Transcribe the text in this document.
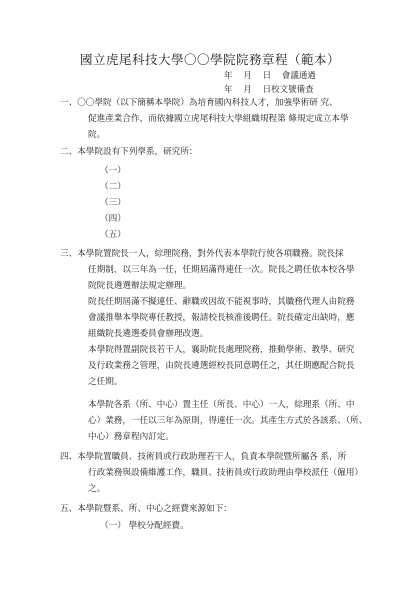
國立虎尾科技大學〇〇學院院務章程（範本）
年    月    日    會議通過
年    月    日校文號備查
一、〇〇學院（以下簡稱本學院）為培育國內科技人才，加強學術研 究、
促進產業合作，而依據國立虎尾科技大學組織規程第 條規定成立本學
院。
二、本學院設有下列學系，研究所：
（一）
（二）
（三）
（四）
（五）
三、本學院置院長一人，綜理院務，對外代表本學院行使各項職務。院長採
任期制，以三年為一任，任期屆滿得連任一次。院長之聘任依本校各學
院院長遴選辦法規定辦理。
院長任期屆滿不擬連任、辭職或因故不能視事時，其職務代理人由院務
會議推舉本學院專任教授，報請校長核准後聘任。院長確定出缺時，應
組織院長遴選委員會辦理改選。
本學院得置副院長若干人，襄助院長處理院務，推動學術、教學、研究
及行政業務之管理，由院長遴選經校長同意聘任之，其任期應配合院長
之任期。
本學院各系（所、中心）置主任（所長、中心）一人，綜理系（所、中
心）業務，一任以三年為原則，得連任一次。其產生方式於各該系、（所、
中心）務章程內訂定。
四、本學院置職員、技術員或行政助理若干人，負責本學院暨所屬各 系，所
行政業務與設備維護工作，職員、技術員或行政助理由學校派任（僱用）
之。
五、本學院暨系、所、中心之經費來源如下：
（一） 學校分配經費。
